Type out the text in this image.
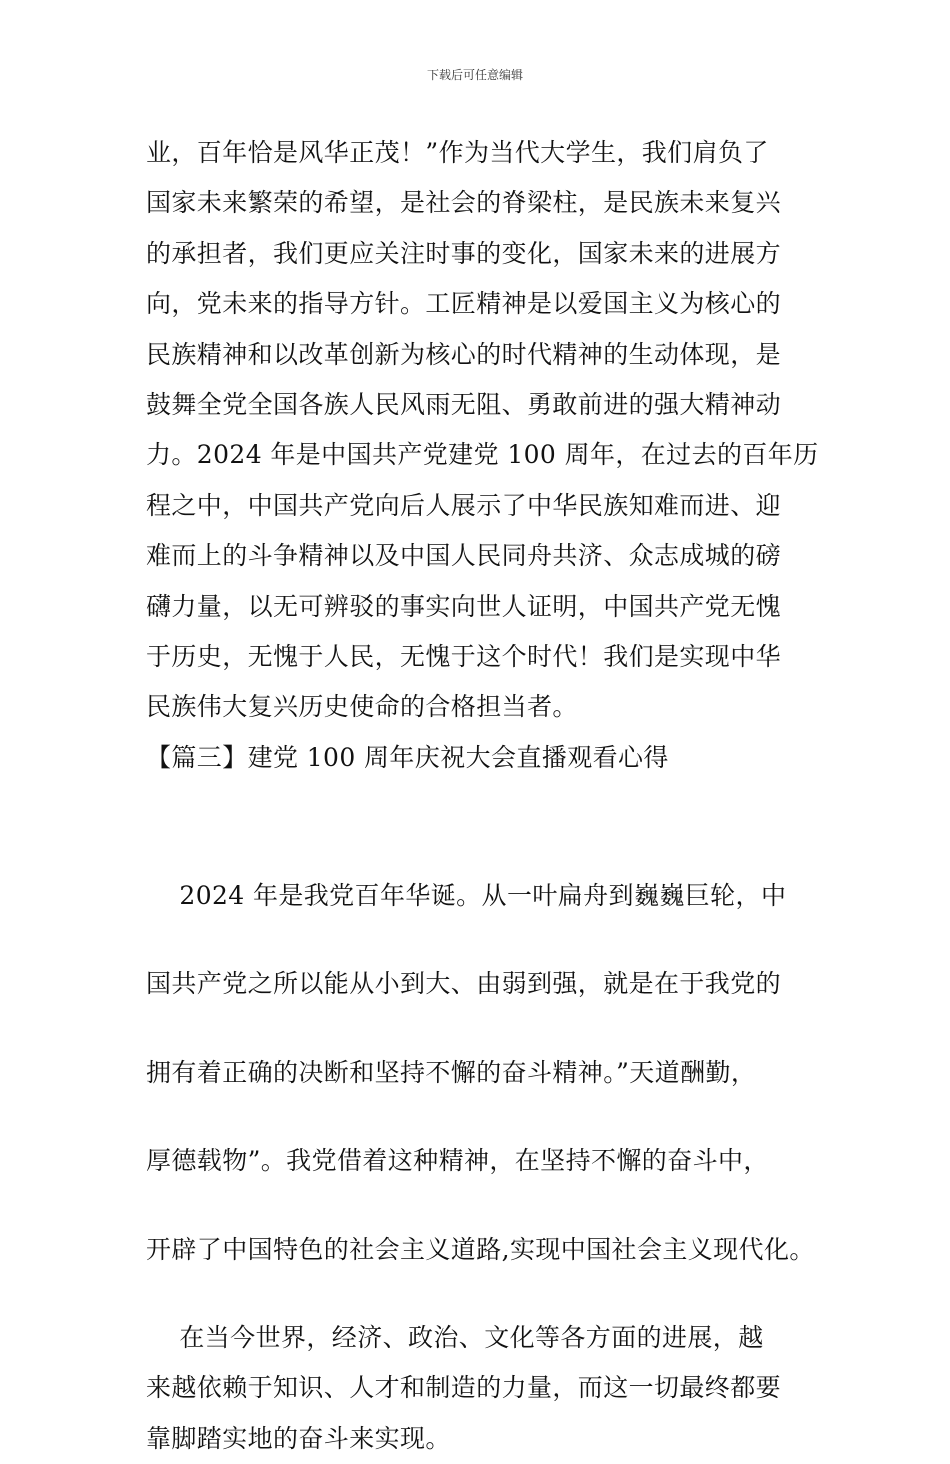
下载后可任意编辑
业，百年恰是风华正茂！”作为当代大学生，我们肩负了
国家未来繁荣的希望，是社会的脊梁柱，是民族未来复兴
的承担者，我们更应关注时事的变化，国家未来的进展方
向，党未来的指导方针。工匠精神是以爱国主义为核心的
民族精神和以改革创新为核心的时代精神的生动体现，是
鼓舞全党全国各族人民风雨无阻、勇敢前进的强大精神动
力。2024 年是中国共产党建党 100 周年，在过去的百年历
程之中，中国共产党向后人展示了中华民族知难而进、迎
难而上的斗争精神以及中国人民同舟共济、众志成城的磅
礴力量，以无可辨驳的事实向世人证明，中国共产党无愧
于历史，无愧于人民，无愧于这个时代！我们是实现中华
民族伟大复兴历史使命的合格担当者。
【篇三】建党 100 周年庆祝大会直播观看心得

2024 年是我党百年华诞。从一叶扁舟到巍巍巨轮，中

国共产党之所以能从小到大、由弱到强，就是在于我党的

拥有着正确的决断和坚持不懈的奋斗精神。”天道酬勤，

厚德载物”。我党借着这种精神，在坚持不懈的奋斗中，

开辟了中国特色的社会主义道路,实现中国社会主义现代化。

在当今世界，经济、政治、文化等各方面的进展，越
来越依赖于知识、人才和制造的力量，而这一切最终都要
靠脚踏实地的奋斗来实现。
